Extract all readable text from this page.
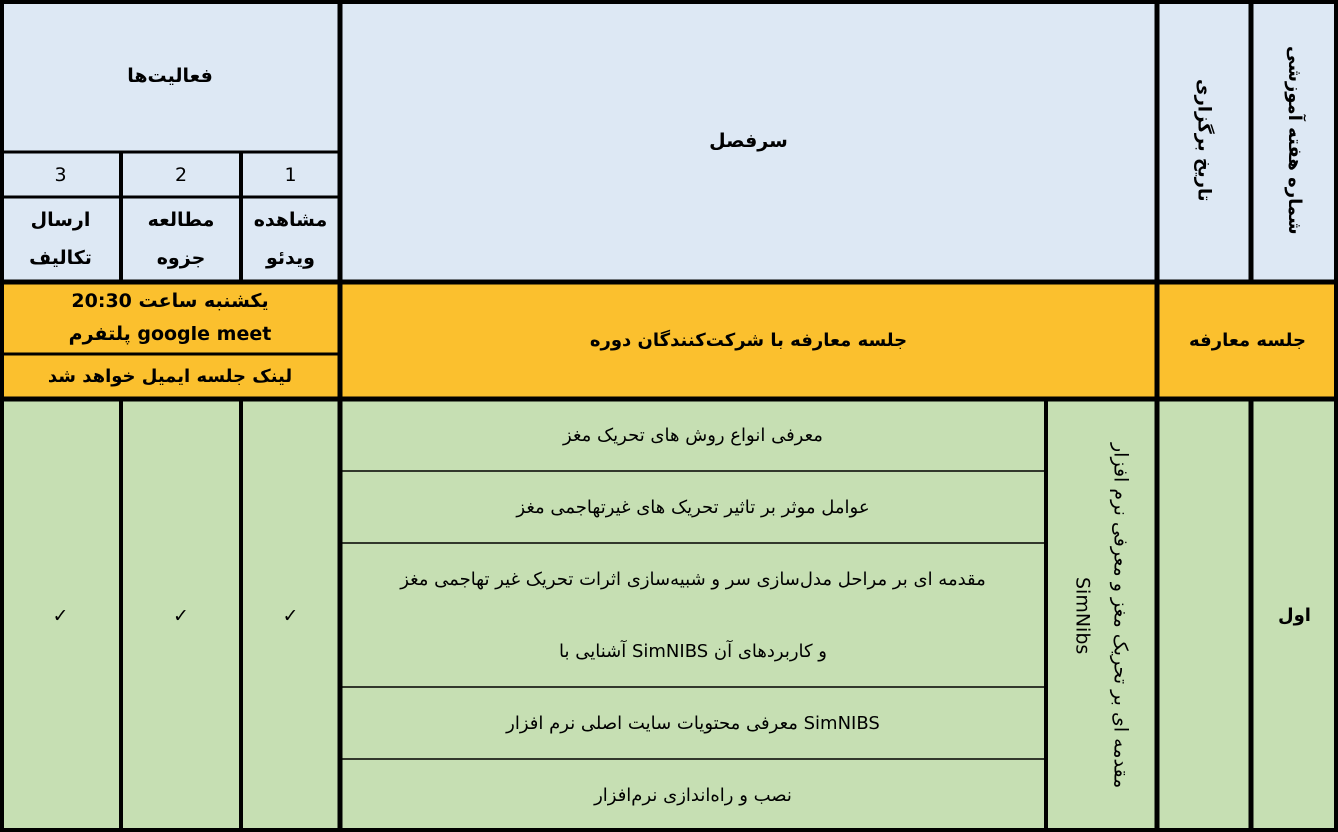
شماره هفته آموزشی
تاریخ برگزاری
سرفصل
فعالیت‌ها
1
2
3
مشاهده ویدئو
مطالعه جزوه
ارسال تکالیف
جلسه معارفه
جلسه معارفه با شرکت‌کنندگان دوره
یکشنبه ساعت 20:30
پلتفرم google meet
لینک جلسه ایمیل خواهد شد
اول
مقدمه ای بر تحریک مغز و معرفی نرم افزار SimNibs
معرفی انواع روش های تحریک مغز
عوامل موثر بر تاثیر تحریک های غیرتهاجمی مغز
مقدمه ای بر مراحل مدل‌سازی سر و شبیه‌سازی اثرات تحریک غیر تهاجمی مغز
آشنایی با SimNIBS و کاربردهای آن
معرفی محتویات سایت اصلی نرم افزار SimNIBS
نصب و راه‌اندازی نرم‌افزار
✓
✓
✓
